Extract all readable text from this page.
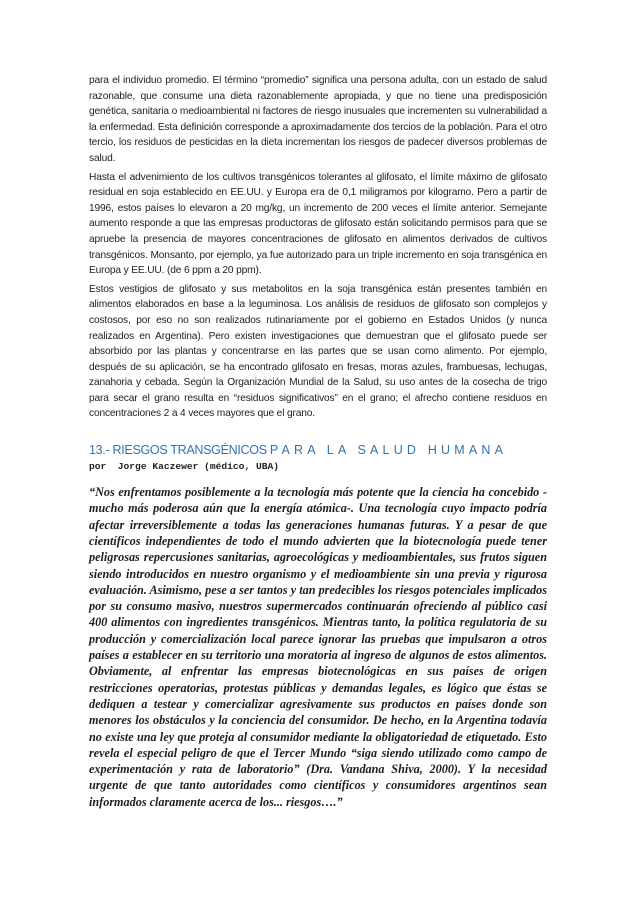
para el individuo promedio. El término “promedio” significa una persona adulta, con un estado de salud razonable, que consume una dieta razonablemente apropiada, y que no tiene una predisposición genética, sanitaria o medioambiental ni factores de riesgo inusuales que incrementen su vulnerabilidad a la enfermedad. Esta definición corresponde a aproximadamente dos tercios de la población. Para el otro tercio, los residuos de pesticidas en la dieta incrementan los riesgos de padecer diversos problemas de salud.

Hasta el advenimiento de los cultivos transgénicos tolerantes al glifosato, el límite máximo de glifosato residual en soja establecido en EE.UU. y Europa era de 0,1 miligramos por kilogramo. Pero a partir de 1996, estos países lo elevaron a 20 mg/kg, un incremento de 200 veces el límite anterior. Semejante aumento responde a que las empresas productoras de glifosato están solicitando permisos para que se apruebe la presencia de mayores concentraciones de glifosato en alimentos derivados de cultivos transgénicos. Monsanto, por ejemplo, ya fue autorizado para un triple incremento en soja transgénica en Europa y EE.UU. (de 6 ppm a 20 ppm).

Estos vestigios de glifosato y sus metabolitos en la soja transgénica están presentes también en alimentos elaborados en base a la leguminosa. Los análisis de residuos de glifosato son complejos y costosos, por eso no son realizados rutinariamente por el gobierno en Estados Unidos (y nunca realizados en Argentina). Pero existen investigaciones que demuestran que el glifosato puede ser absorbido por las plantas y concentrarse en las partes que se usan como alimento. Por ejemplo, después de su aplicación, se ha encontrado glifosato en fresas, moras azules, frambuesas, lechugas, zanahoria y cebada. Según la Organización Mundial de la Salud, su uso antes de la cosecha de trigo para secar el grano resulta en “residuos significativos” en el grano; el afrecho contiene residuos en concentraciones 2 a 4 veces mayores que el grano.

13.- RIESGOS TRANSGÉNICOS PARA LA SALUD HUMANA
por  Jorge Kaczewer (médico, UBA)

“Nos enfrentamos posiblemente a la tecnología más potente que la ciencia ha concebido -mucho más poderosa aún que la energía atómica-. Una tecnología cuyo impacto podría afectar irreversiblemente a todas las generaciones humanas futuras. Y a pesar de que científicos independientes de todo el mundo advierten que la biotecnología puede tener peligrosas repercusiones sanitarias, agroecológicas y medioambientales, sus frutos siguen siendo introducidos en nuestro organismo y el medioambiente sin una previa y rigurosa evaluación. Asimismo, pese a ser tantos y tan predecibles los riesgos potenciales implicados por su consumo masivo, nuestros supermercados continuarán ofreciendo al público casi 400 alimentos con ingredientes transgénicos. Mientras tanto, la política regulatoria de su producción y comercialización local parece ignorar las pruebas que impulsaron a otros países a establecer en su territorio una moratoria al ingreso de algunos de estos alimentos. Obviamente, al enfrentar las empresas biotecnológicas en sus países de origen restricciones operatorias, protestas públicas y demandas legales, es lógico que éstas se dediquen a testear y comercializar agresivamente sus productos en países donde son menores los obstáculos y la conciencia del consumidor. De hecho, en la Argentina todavía no existe una ley que proteja al consumidor mediante la obligatoriedad de etiquetado. Esto revela el especial peligro de que el Tercer Mundo “siga siendo utilizado como campo de experimentación y rata de laboratorio” (Dra. Vandana Shiva, 2000). Y la necesidad urgente de que tanto autoridades como científicos y consumidores argentinos sean informados claramente acerca de los... riesgos….”
